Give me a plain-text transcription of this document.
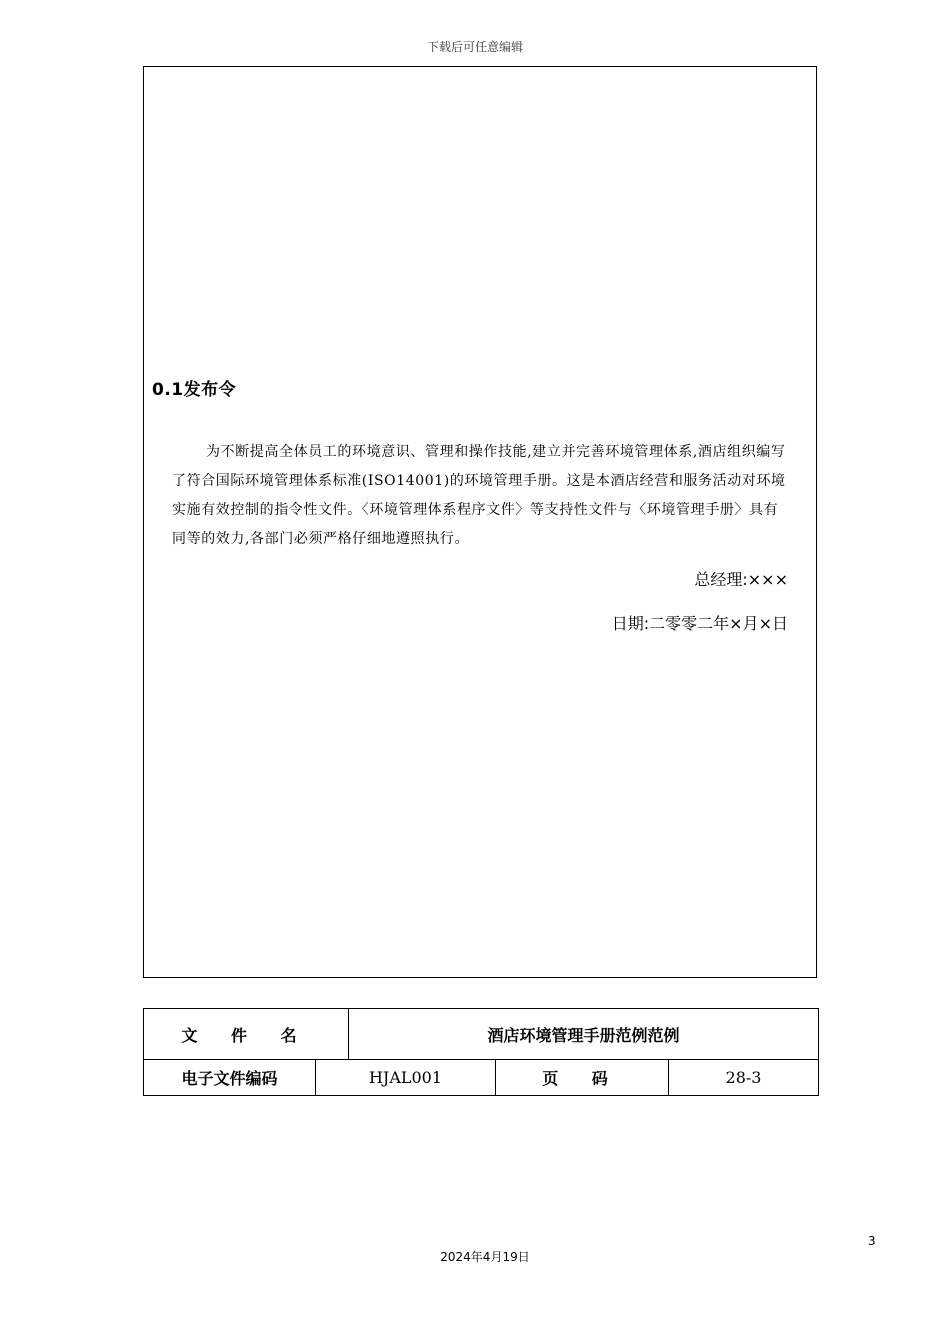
下载后可任意编辑
0.1发布令

为不断提高全体员工的环境意识、管理和操作技能,建立并完善环境管理体系,酒店组织编写了符合国际环境管理体系标准(ISO14001)的环境管理手册。这是本酒店经营和服务活动对环境实施有效控制的指令性文件。〈环境管理体系程序文件〉等支持性文件与〈环境管理手册〉具有同等的效力,各部门必须严格仔细地遵照执行。

总经理:×××
日期:二零零二年×月×日
文 件 名		酒店环境管理手册范例范例		
电子文件编码	HJAL001		页 码	28-3
3
2024年4月19日
